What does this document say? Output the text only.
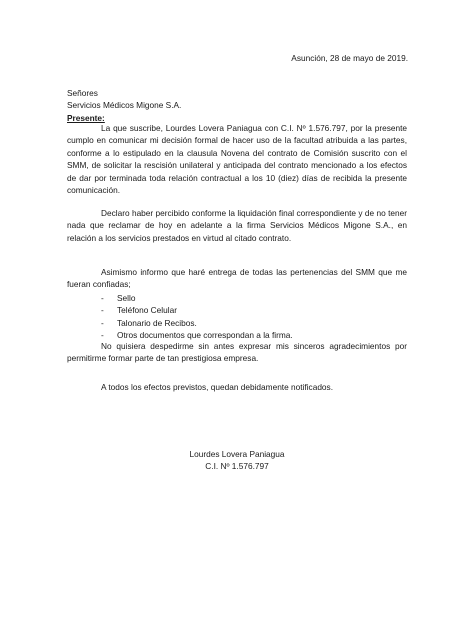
Asunción, 28 de mayo de 2019.
Señores
Servicios Médicos Migone S.A.
Presente:

La que suscribe, Lourdes Lovera Paniagua con C.I. Nº 1.576.797, por la presente cumplo en comunicar mi decisión formal de hacer uso de la facultad atribuida a las partes, conforme a lo estipulado en la clausula Novena del contrato de Comisión suscrito con el SMM, de solicitar la rescisión unilateral y anticipada del contrato mencionado a los efectos de dar por terminada toda relación contractual a los 10 (diez) días de recibida la presente comunicación.

Declaro haber percibido conforme la liquidación final correspondiente y de no tener nada que reclamar de hoy en adelante a la firma Servicios Médicos Migone S.A., en relación a los servicios prestados en virtud al citado contrato.

Asimismo informo que haré entrega de todas las pertenencias del SMM que me fueran confiadas;

- Sello
- Teléfono Celular
- Talonario de Recibos.
- Otros documentos que correspondan a la firma.

No quisiera despedirme sin antes expresar mis sinceros agradecimientos por permitirme formar parte de tan prestigiosa empresa.

A todos los efectos previstos, quedan debidamente notificados.

Lourdes Lovera Paniagua
C.I. Nº 1.576.797
